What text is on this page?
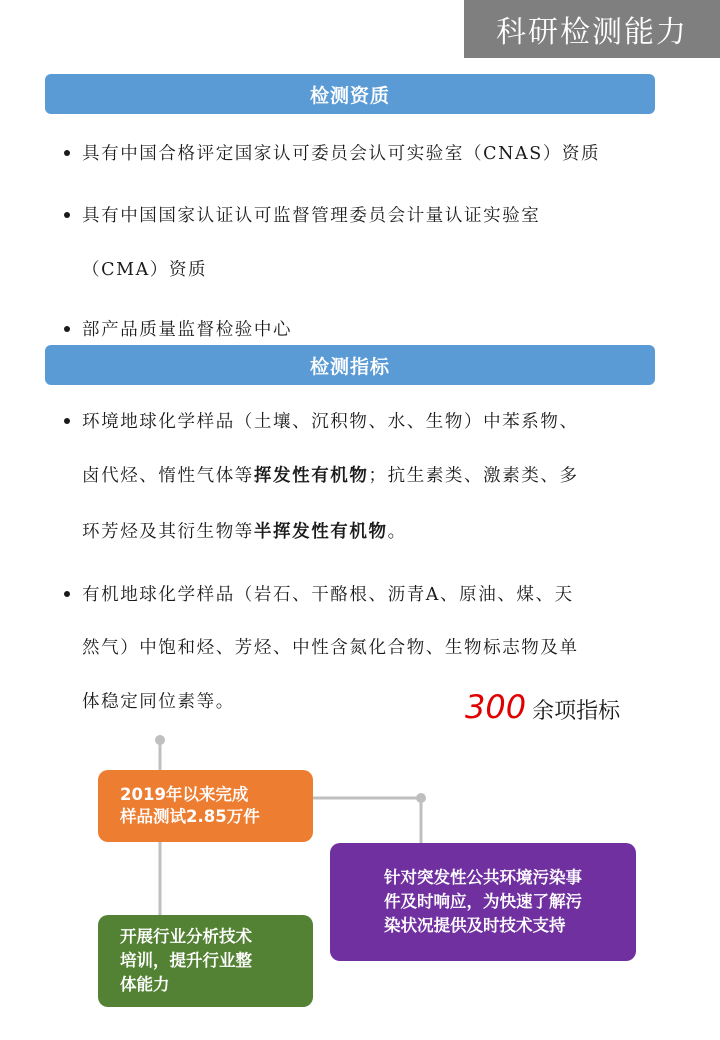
科研检测能力
检测资质
具有中国合格评定国家认可委员会认可实验室（CNAS）资质
具有中国国家认证认可监督管理委员会计量认证实验室
（CMA）资质
部产品质量监督检验中心
检测指标
环境地球化学样品（土壤、沉积物、水、生物）中苯系物、
卤代烃、惰性气体等挥发性有机物；抗生素类、激素类、多
环芳烃及其衍生物等半挥发性有机物。
有机地球化学样品（岩石、干酪根、沥青A、原油、煤、天
然气）中饱和烃、芳烃、中性含氮化合物、生物标志物及单
体稳定同位素等。	300 余项指标
2019年以来完成
样品测试2.85万件
针对突发性公共环境污染事
件及时响应，为快速了解污
染状况提供及时技术支持
开展行业分析技术
培训，提升行业整
体能力
